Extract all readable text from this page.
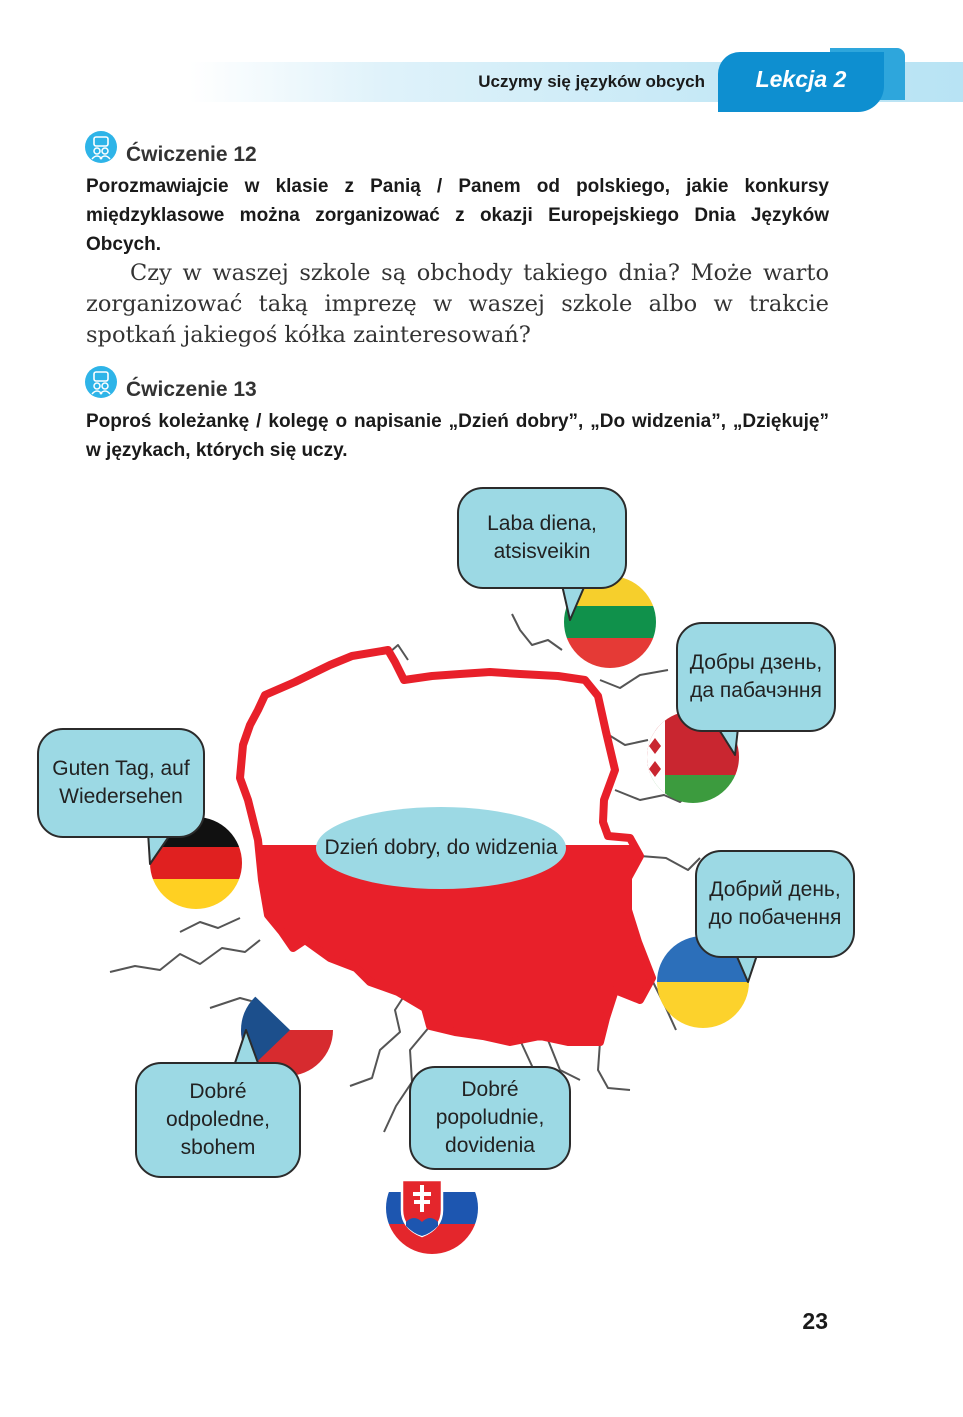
Uczymy się języków obcych	Lekcja 2
Ćwiczenie 12
Porozmawiajcie w klasie z Panią / Panem od polskiego, jakie konkursy międzyklasowe można zorganizować z okazji Europejskiego Dnia Języków Obcych.
Czy w waszej szkole są obchody takiego dnia? Może warto zorganizować taką imprezę w waszej szkole albo w trakcie spotkań jakiegoś kółka zainteresowań?
Ćwiczenie 13
Poproś koleżankę / kolegę o napisanie „Dzień dobry”, „Do widzenia”, „Dziękuję” w językach, których się uczy.
Laba diena, atsisveikin
Добры дзень, да пабачэння
Guten Tag, auf Wiedersehen
Добрий день, до побачення
Dobré odpoledne, sbohem
Dobré popoludnie, dovidenia
Dzień dobry, do widzenia
23
